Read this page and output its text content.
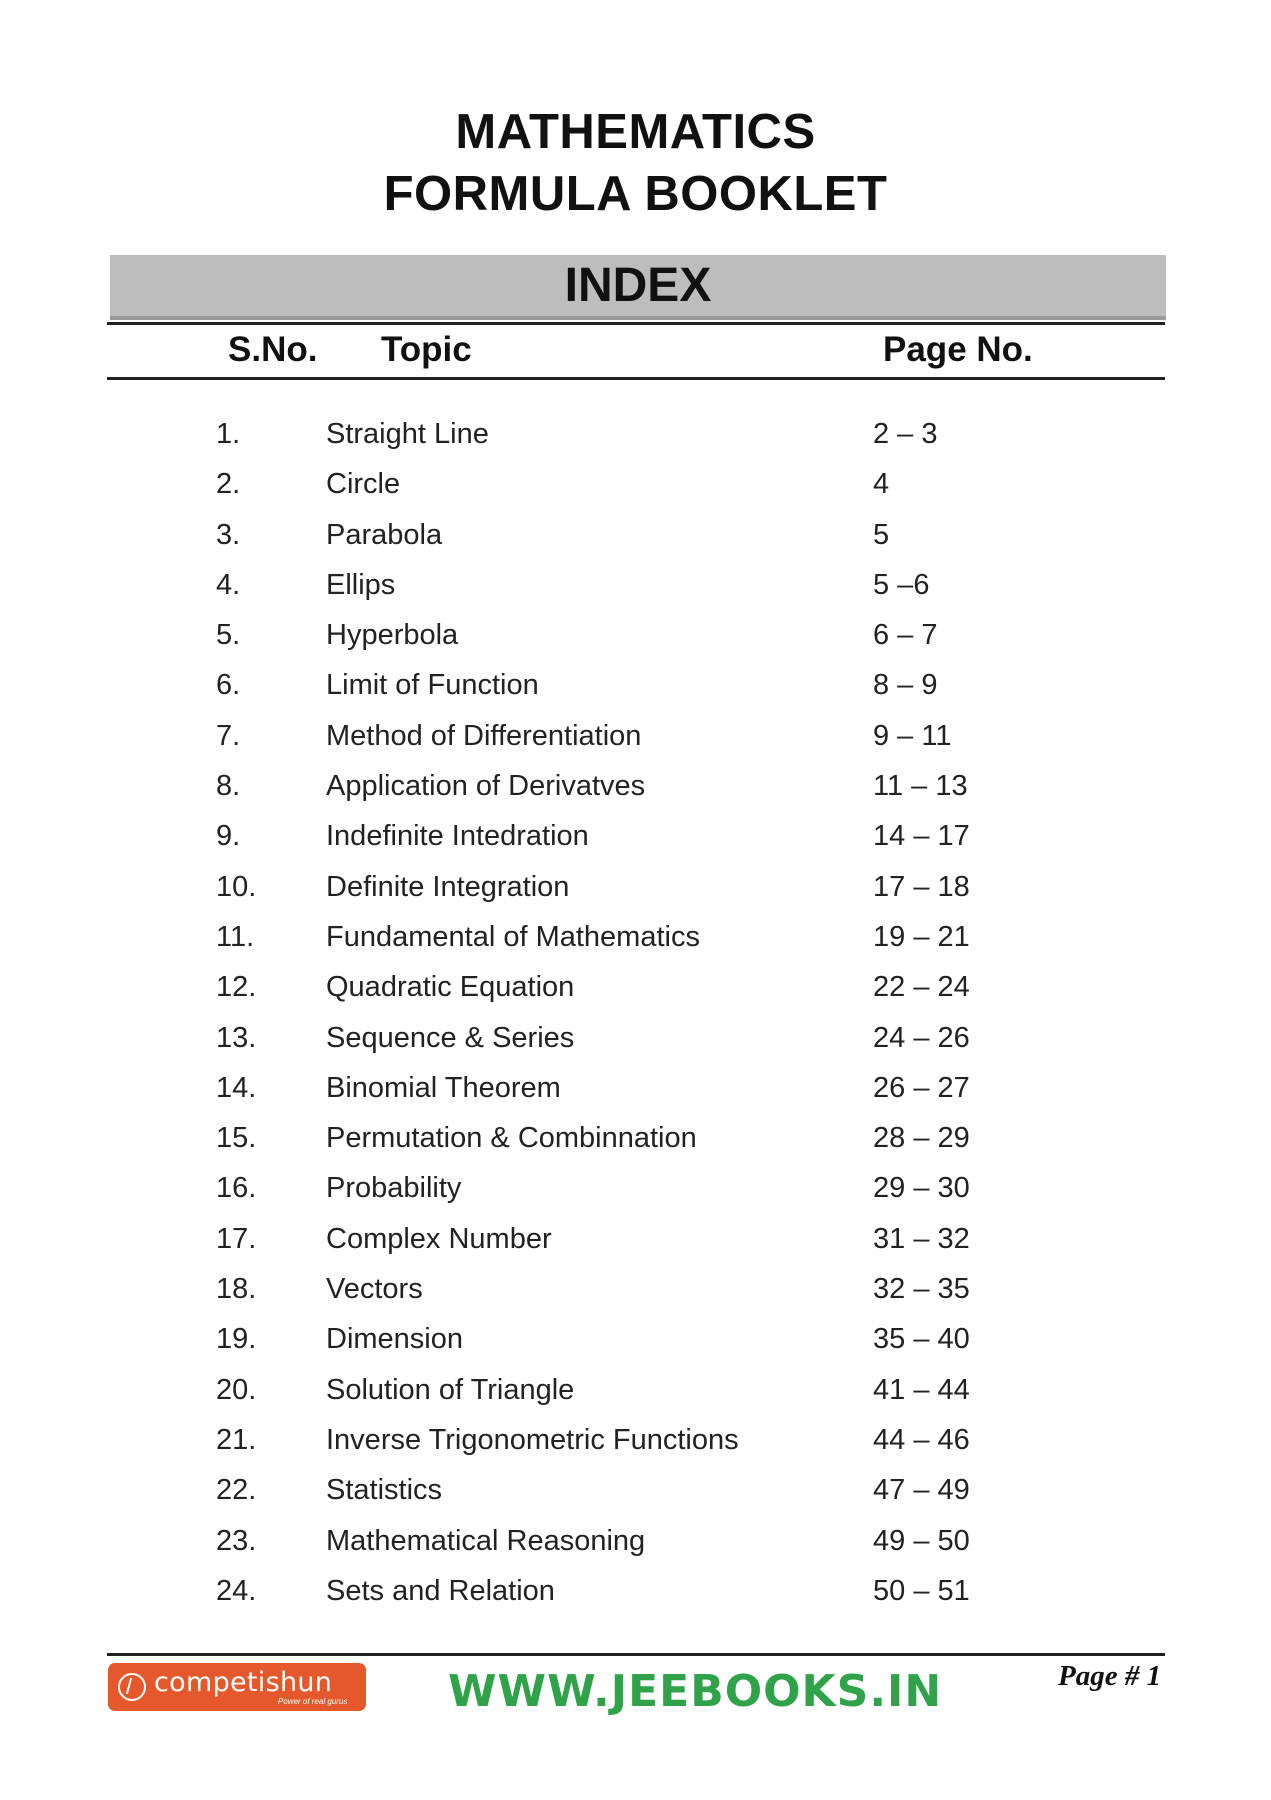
MATHEMATICS
FORMULA BOOKLET
INDEX
S.No. Topic	Page No.
1.	Straight Line	2 – 3
2.	Circle	4
3.	Parabola	5
4.	Ellips	5 –6
5.	Hyperbola	6 – 7
6.	Limit of Function	8 – 9
7.	Method of Differentiation	9 – 11
8.	Application of Derivatves	11 – 13
9.	Indefinite Intedration	14 – 17
10. Definite Integration	17 – 18
11. Fundamental of Mathematics	19 – 21
12. Quadratic Equation	22 – 24
13. Sequence & Series	24 – 26
14. Binomial Theorem	26 – 27
15. Permutation & Combinnation	28 – 29
16. Probability	29 – 30
17. Complex Number	31 – 32
18. Vectors	32 – 35
19. Dimension	35 – 40
20. Solution of Triangle	41 – 44
21. Inverse Trigonometric Functions	44 – 46
22. Statistics	47 – 49
23. Mathematical Reasoning	49 – 50
24. Sets and Relation	50 – 51
competishun
Power of real gurus WWW.JEEBOOKS.IN	Page # 1
